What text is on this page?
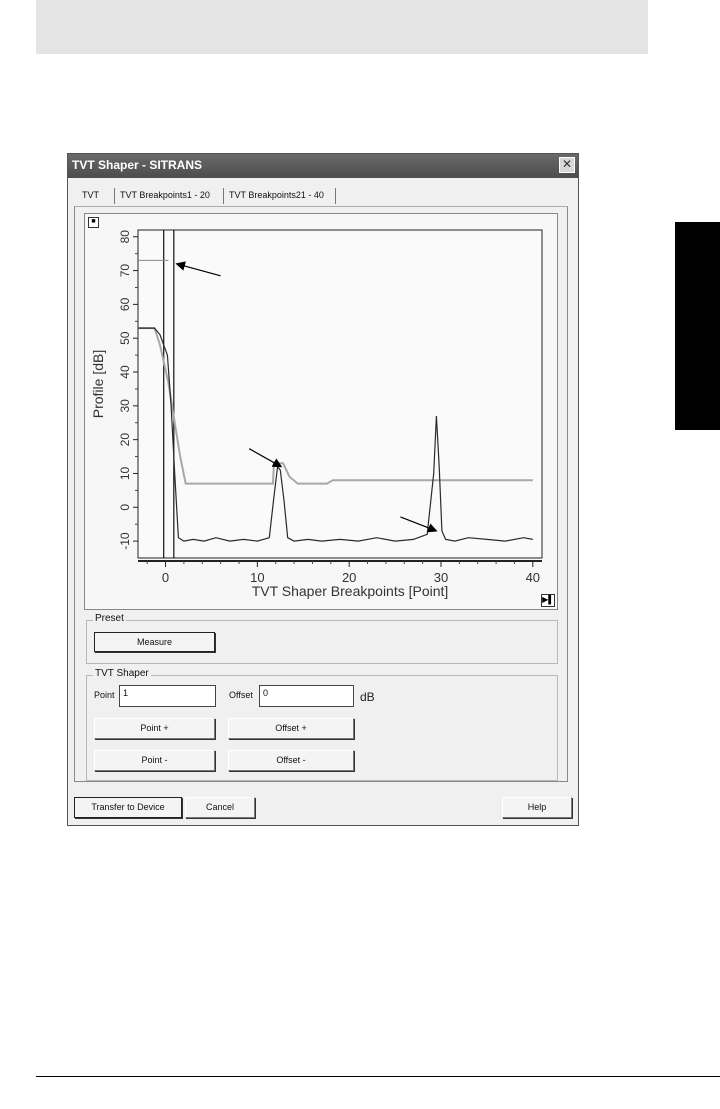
TVT Shaper - SITRANS	✕
TVT TVT Breakpoints1 - 20 TVT Breakpoints21 - 40
0	10	20	30	40
-10
0
10
20
30
40
50
60
70
80
TVT Shaper Breakpoints [Point]
Profile [dB]
■
▶▌
Preset
Measure
TVT Shaper
Point 1	Offset	0	dB
Point +	Offset +
Point -	Offset -
Transfer to Device	Cancel	Help
